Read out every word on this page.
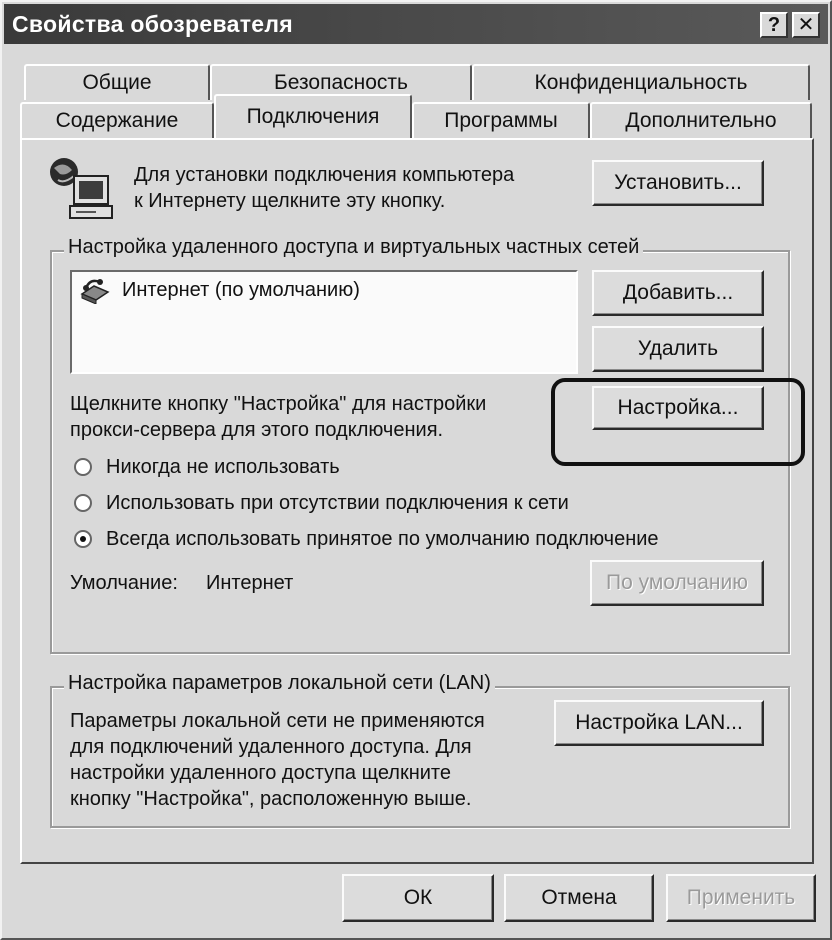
Свойства обозревателя	? ✕
Общие	Безопасность	Конфиденциальность
Содержание	Подключения	Программы	Дополнительно
Для установки подключения компьютера
к Интернету щелкните эту кнопку.
Установить...
Настройка удаленного доступа и виртуальных частных сетей
Интернет (по умолчанию)	Добавить...
Удалить
Щелкните кнопку "Настройка" для настройки
прокси-сервера для этого подключения.
Настройка...
Никогда не использовать
Использовать при отсутствии подключения к сети
Всегда использовать принятое по умолчанию подключение
Умолчание: Интернет	По умолчанию
Настройка параметров локальной сети (LAN)
Параметры локальной сети не применяются
для подключений удаленного доступа. Для
настройки удаленного доступа щелкните
кнопку "Настройка", расположенную выше.
Настройка LAN...
ОК	Отмена	Применить
